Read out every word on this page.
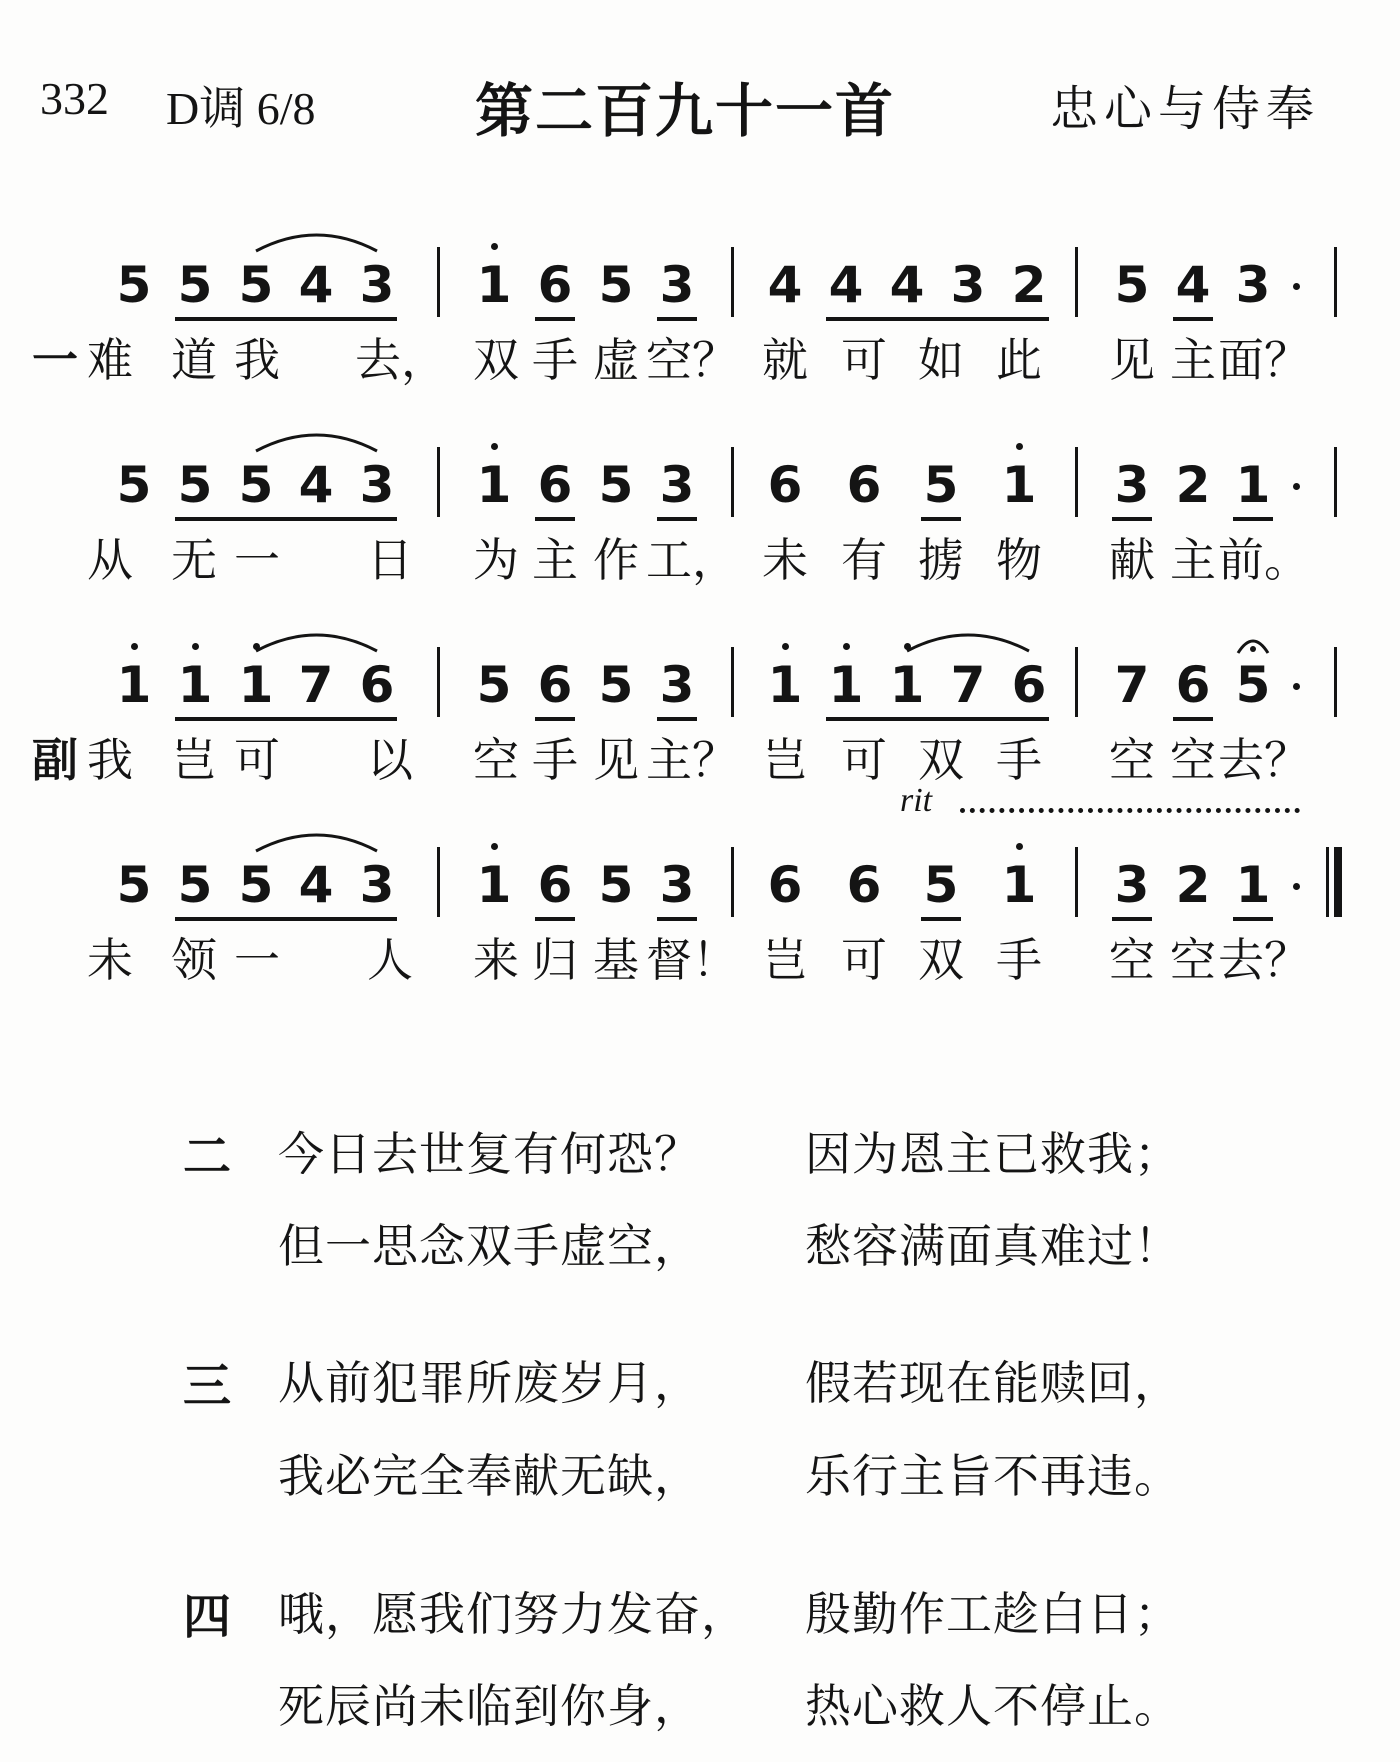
332 D调 6/8	第二百九十一首	忠心与侍奉
5 5 5 4 3 1 6 5 3 4 4 4 3 2 5 4 3
一 难 道 我 去， 双 手 虚 空？ 就 可 如 此 见 主 面？
5 5 5 4 3 1 6 5 3 6 6 5 1 3 2 1
从 无 一 日 为 主 作 工， 未 有 掳 物 献 主 前。
1 1 1 7 6 5 6 5 3 1 1 1 7 6 7 6 5
副 我 岂 可 以 空 手 见 主？ 岂 可 双 手 空 空 去？
rit
5 5 5 4 3 1 6 5 3 6 6 5 1 3 2 1
未 领 一 人 来 归 基 督！ 岂 可 双 手 空 空 去？
二 今日去世复有何恐？ 因为恩主已救我；
但一思念双手虚空， 愁容满面真难过！
三 从前犯罪所废岁月， 假若现在能赎回，
我必完全奉献无缺， 乐行主旨不再违。
四 哦，愿我们努力发奋， 殷勤作工趁白日；
死辰尚未临到你身， 热心救人不停止。
